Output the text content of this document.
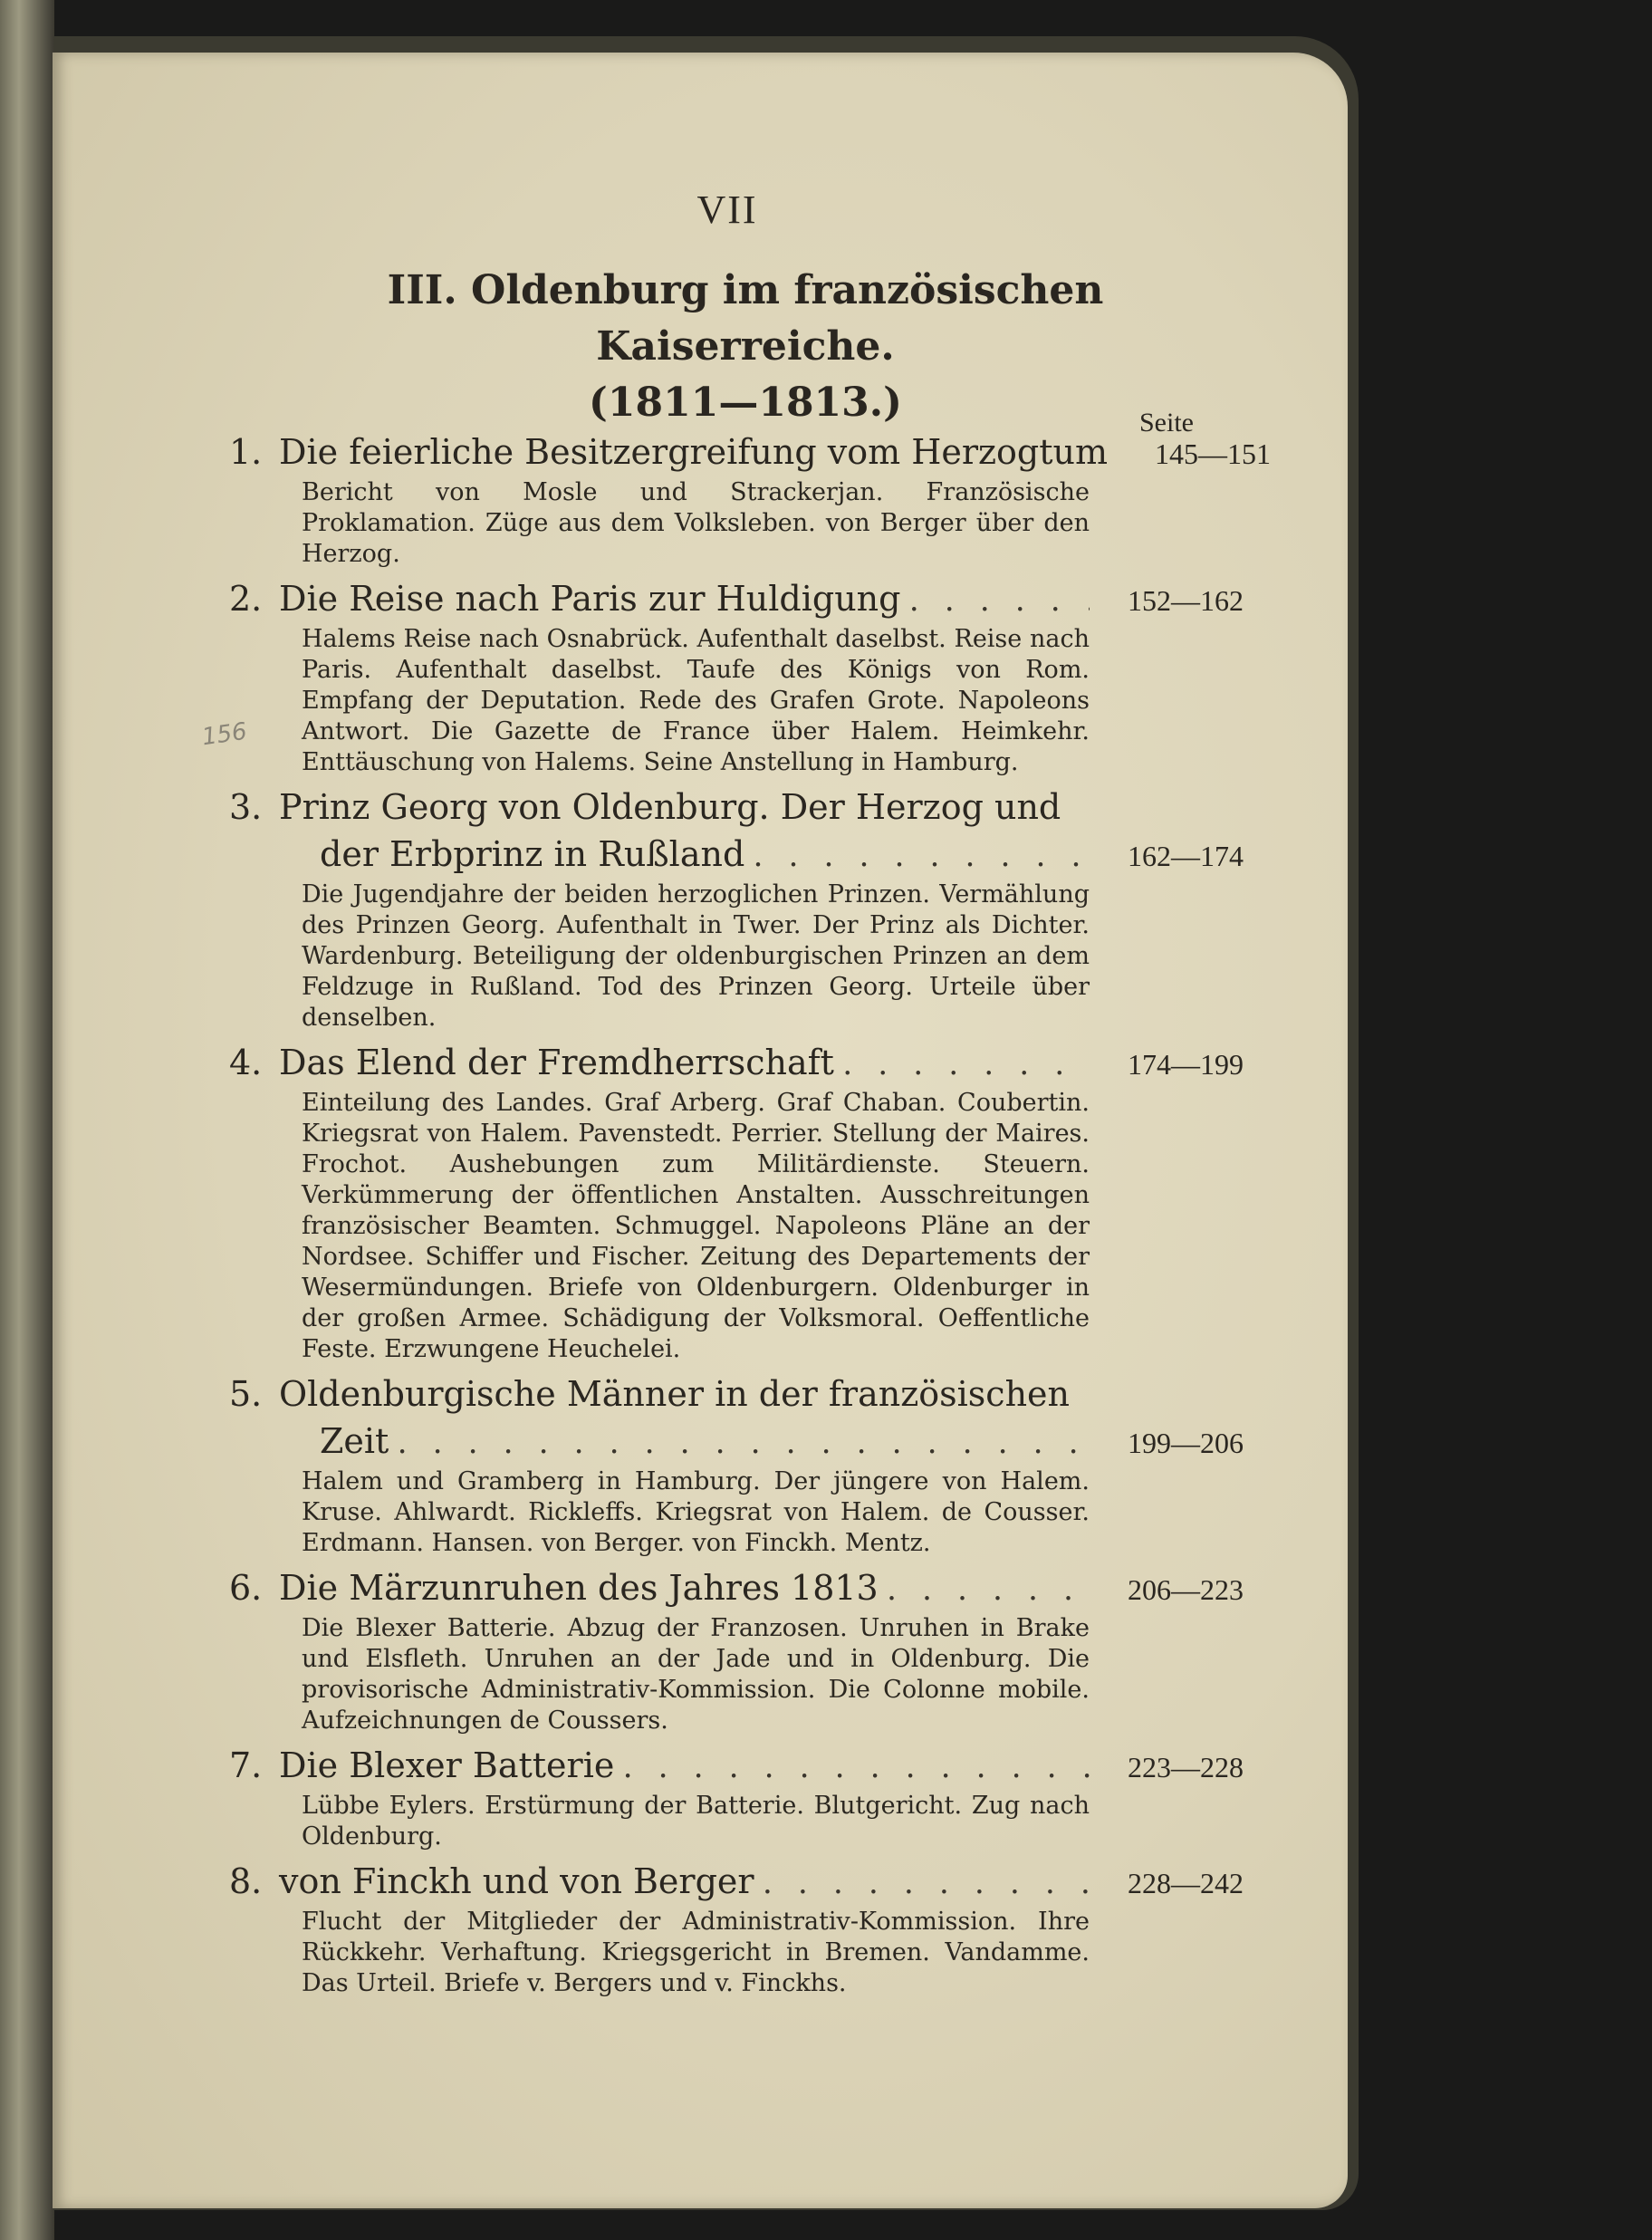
VII
III. Oldenburg im französischen Kaiserreiche.
(1811—1813.)	Seite
156
1. Die feierliche Besitzergreifung vom Herzogtum	145—151
Bericht von Mosle und Strackerjan. Französische Proklamation. Züge aus dem Volksleben. von Berger über den Herzog.
2. Die Reise nach Paris zur Huldigung . . .	152—162
Halems Reise nach Osnabrück. Aufenthalt daselbst. Reise nach Paris. Aufenthalt daselbst. Taufe des Königs von Rom. Empfang der Deputation. Rede des Grafen Grote. Napoleons Antwort. Die Gazette de France über Halem. Heimkehr. Enttäuschung von Halems. Seine Anstellung in Hamburg.
3. Prinz Georg von Oldenburg. Der Herzog und
der Erbprinz in Rußland . . .	162—174
Die Jugendjahre der beiden herzoglichen Prinzen. Vermählung des Prinzen Georg. Aufenthalt in Twer. Der Prinz als Dichter. Wardenburg. Beteiligung der oldenburgischen Prinzen an dem Feldzuge in Rußland. Tod des Prinzen Georg. Urteile über denselben.
4. Das Elend der Fremdherrschaft . . .	174—199
Einteilung des Landes. Graf Arberg. Graf Chaban. Coubertin. Kriegsrat von Halem. Pavenstedt. Perrier. Stellung der Maires. Frochot. Aushebungen zum Militärdienste. Steuern. Verkümmerung der öffentlichen Anstalten. Ausschreitungen französischer Beamten. Schmuggel. Napoleons Pläne an der Nordsee. Schiffer und Fischer. Zeitung des Departements der Wesermündungen. Briefe von Oldenburgern. Oldenburger in der großen Armee. Schädigung der Volksmoral. Oeffentliche Feste. Erzwungene Heuchelei.
5. Oldenburgische Männer in der französischen
Zeit . . .	199—206
Halem und Gramberg in Hamburg. Der jüngere von Halem. Kruse. Ahlwardt. Rickleffs. Kriegsrat von Halem. de Cousser. Erdmann. Hansen. von Berger. von Finckh. Mentz.
6. Die Märzunruhen des Jahres 1813 . . .	206—223
Die Blexer Batterie. Abzug der Franzosen. Unruhen in Brake und Elsfleth. Unruhen an der Jade und in Oldenburg. Die provisorische Administrativ-Kommission. Die Colonne mobile. Aufzeichnungen de Coussers.
7. Die Blexer Batterie . . .	223—228
Lübbe Eylers. Erstürmung der Batterie. Blutgericht. Zug nach Oldenburg.
8. von Finckh und von Berger . . .	228—242
Flucht der Mitglieder der Administrativ-Kommission. Ihre Rückkehr. Verhaftung. Kriegsgericht in Bremen. Vandamme. Das Urteil. Briefe v. Bergers und v. Finckhs.
